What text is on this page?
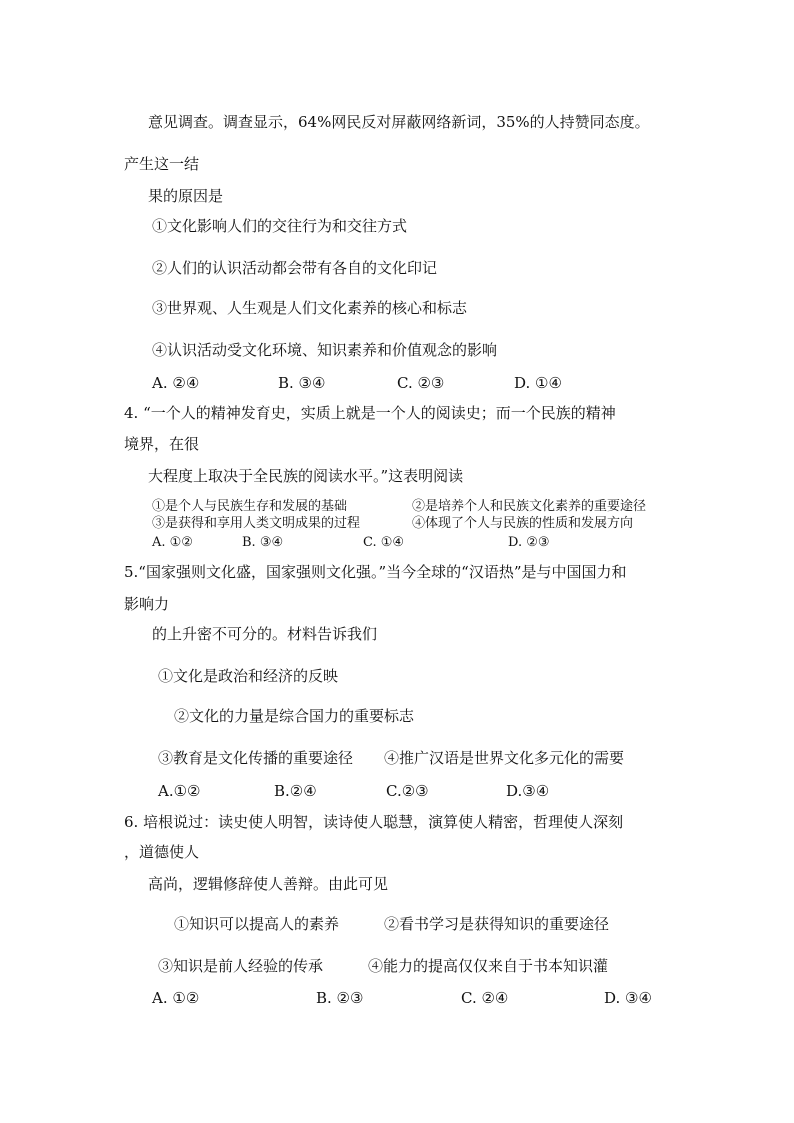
意见调查。调查显示，64%网民反对屏蔽网络新词，35%的人持赞同态度。
产生这一结
果的原因是
①文化影响人们的交往行为和交往方式
②人们的认识活动都会带有各自的文化印记
③世界观、人生观是人们文化素养的核心和标志
④认识活动受文化环境、知识素养和价值观念的影响
A. ②④	B. ③④	C. ②③	D. ①④
4. “一个人的精神发育史，实质上就是一个人的阅读史；而一个民族的精神
境界，在很
大程度上取决于全民族的阅读水平。”这表明阅读
①是个人与民族生存和发展的基础	②是培养个人和民族文化素养的重要途径
③是获得和享用人类文明成果的过程	④体现了个人与民族的性质和发展方向
A. ①②	B. ③④	C. ①④	D. ②③
5.“国家强则文化盛，国家强则文化强。”当今全球的“汉语热”是与中国国力和
影响力
的上升密不可分的。材料告诉我们
①文化是政治和经济的反映
②文化的力量是综合国力的重要标志
③教育是文化传播的重要途径 ④推广汉语是世界文化多元化的需要
A.①②	B.②④	C.②③	D.③④
6. 培根说过：读史使人明智，读诗使人聪慧，演算使人精密，哲理使人深刻
，道德使人
高尚，逻辑修辞使人善辩。由此可见
①知识可以提高人的素养	②看书学习是获得知识的重要途径
③知识是前人经验的传承	④能力的提高仅仅来自于书本知识灌
A. ①②	B. ②③	C. ②④	D. ③④
